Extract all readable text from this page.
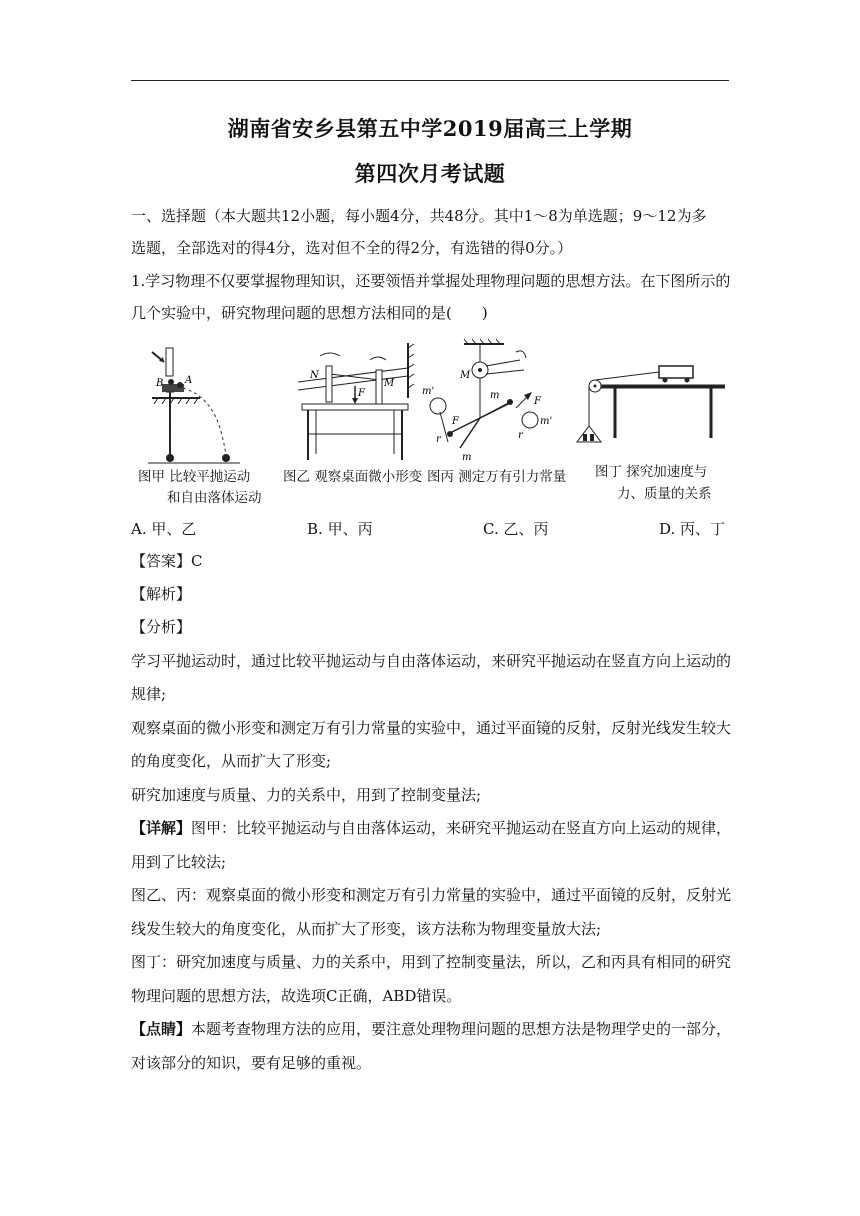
湖南省安乡县第五中学2019届高三上学期
第四次月考试题
一、选择题（本大题共12小题，每小题4分，共48分。其中1～8为单选题；9～12为多
选题，全部选对的得4分，选对但不全的得2分，有选错的得0分。）
1.学习物理不仅要掌握物理知识，还要领悟并掌握处理物理问题的思想方法。在下图所示的
几个实验中，研究物理问题的思想方法相同的是(　　)
A
B
图甲 比较平抛运动
和自由落体运动
N
M
F
图乙 观察桌面微小形变
M
m'
F
m
F
m
m'
r	r
图丙 测定万有引力常量 图丁 探究加速度与
力、质量的关系
A. 甲、乙	B. 甲、丙	C. 乙、丙	D. 丙、丁
【答案】C
【解析】
【分析】
学习平抛运动时，通过比较平抛运动与自由落体运动，来研究平抛运动在竖直方向上运动的
规律;
观察桌面的微小形变和测定万有引力常量的实验中，通过平面镜的反射，反射光线发生较大
的角度变化，从而扩大了形变;
研究加速度与质量、力的关系中，用到了控制变量法;
【详解】图甲：比较平抛运动与自由落体运动，来研究平抛运动在竖直方向上运动的规律，
用到了比较法;
图乙、丙：观察桌面的微小形变和测定万有引力常量的实验中，通过平面镜的反射，反射光
线发生较大的角度变化，从而扩大了形变，该方法称为物理变量放大法;
图丁：研究加速度与质量、力的关系中，用到了控制变量法，所以，乙和丙具有相同的研究
物理问题的思想方法，故选项C正确，ABD错误。
【点睛】本题考查物理方法的应用，要注意处理物理问题的思想方法是物理学史的一部分，
对该部分的知识，要有足够的重视。
